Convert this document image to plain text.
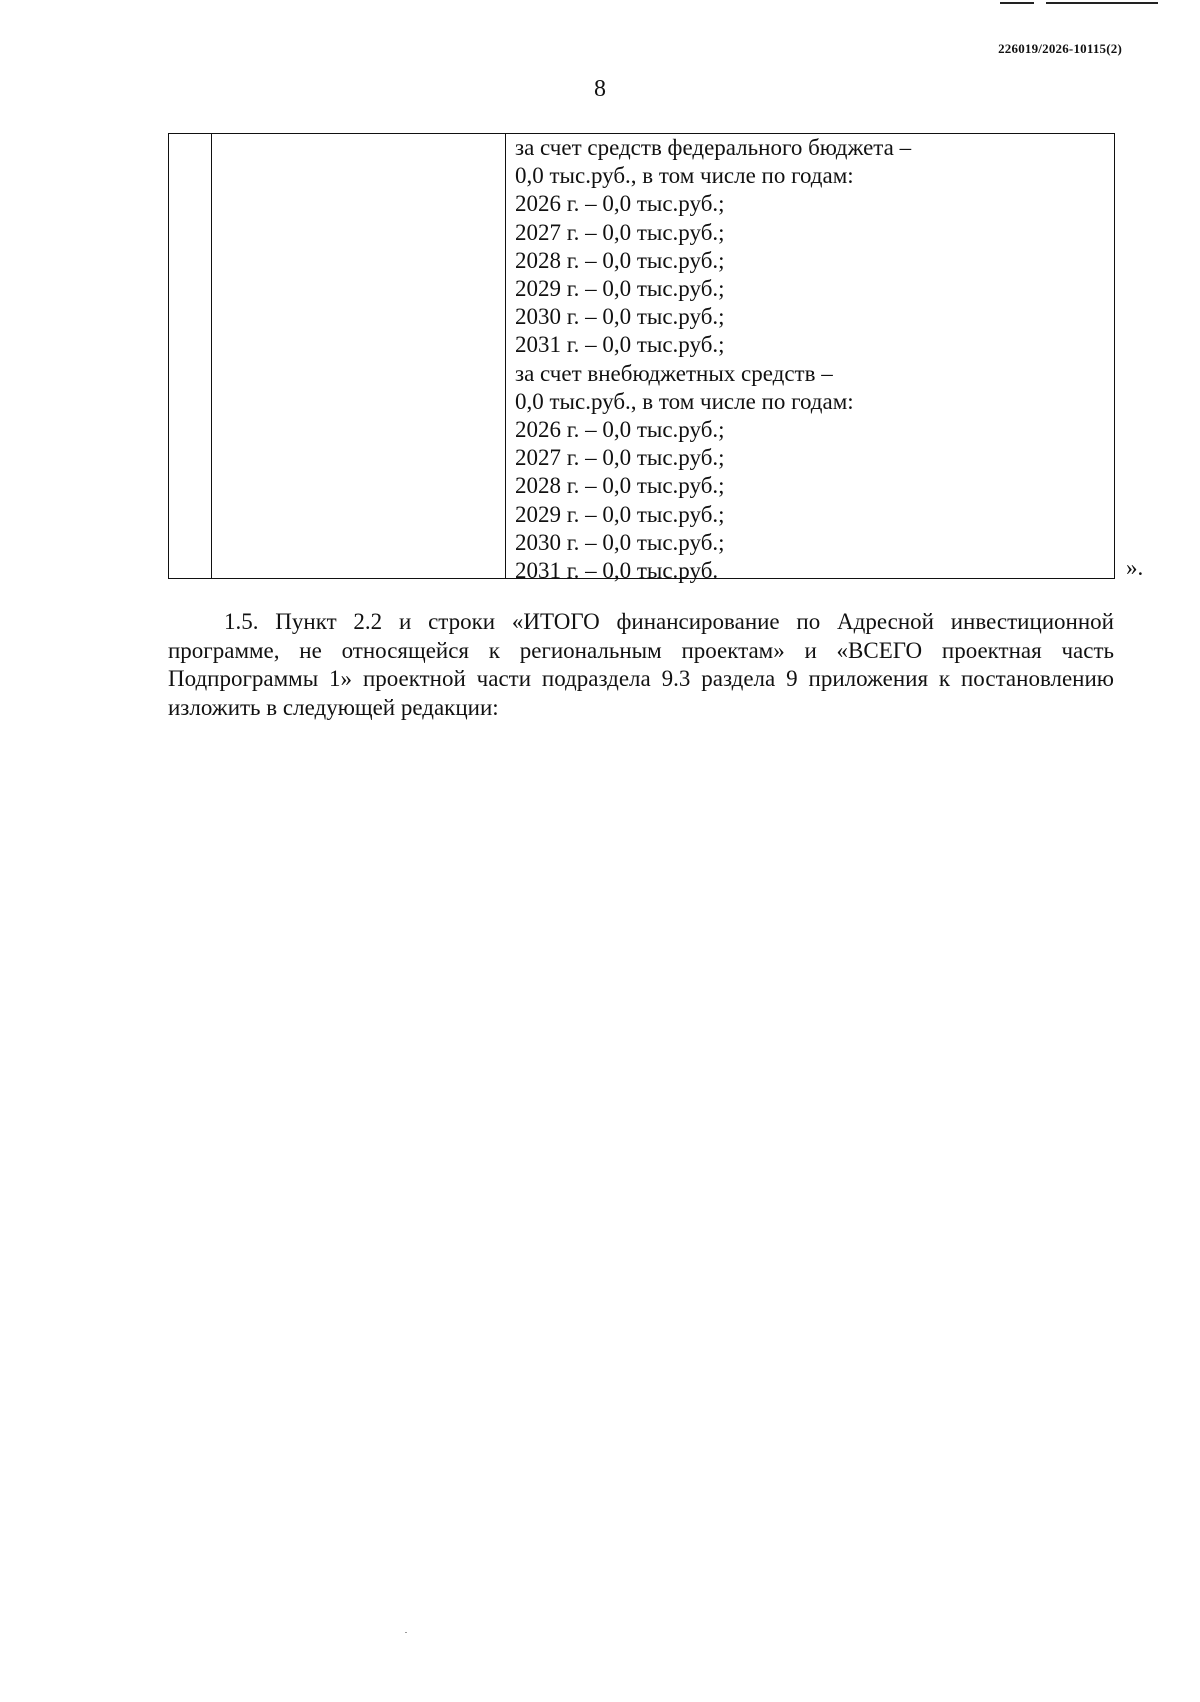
226019/2026-10115(2)
8
за счет средств федерального бюджета –
0,0 тыс.руб., в том числе по годам:
2026 г. – 0,0 тыс.руб.;
2027 г. – 0,0 тыс.руб.;
2028 г. – 0,0 тыс.руб.;
2029 г. – 0,0 тыс.руб.;
2030 г. – 0,0 тыс.руб.;
2031 г. – 0,0 тыс.руб.;
за счет внебюджетных средств –
0,0 тыс.руб., в том числе по годам:
2026 г. – 0,0 тыс.руб.;
2027 г. – 0,0 тыс.руб.;
2028 г. – 0,0 тыс.руб.;
2029 г. – 0,0 тыс.руб.;
2030 г. – 0,0 тыс.руб.;
2031 г. – 0,0 тыс.руб.	».

1.5. Пункт 2.2 и строки «ИТОГО финансирование по Адресной инвестиционной программе, не относящейся к региональным проектам» и «ВСЕГО проектная часть Подпрограммы 1» проектной части подраздела 9.3 раздела 9 приложения к постановлению изложить в следующей редакции:
